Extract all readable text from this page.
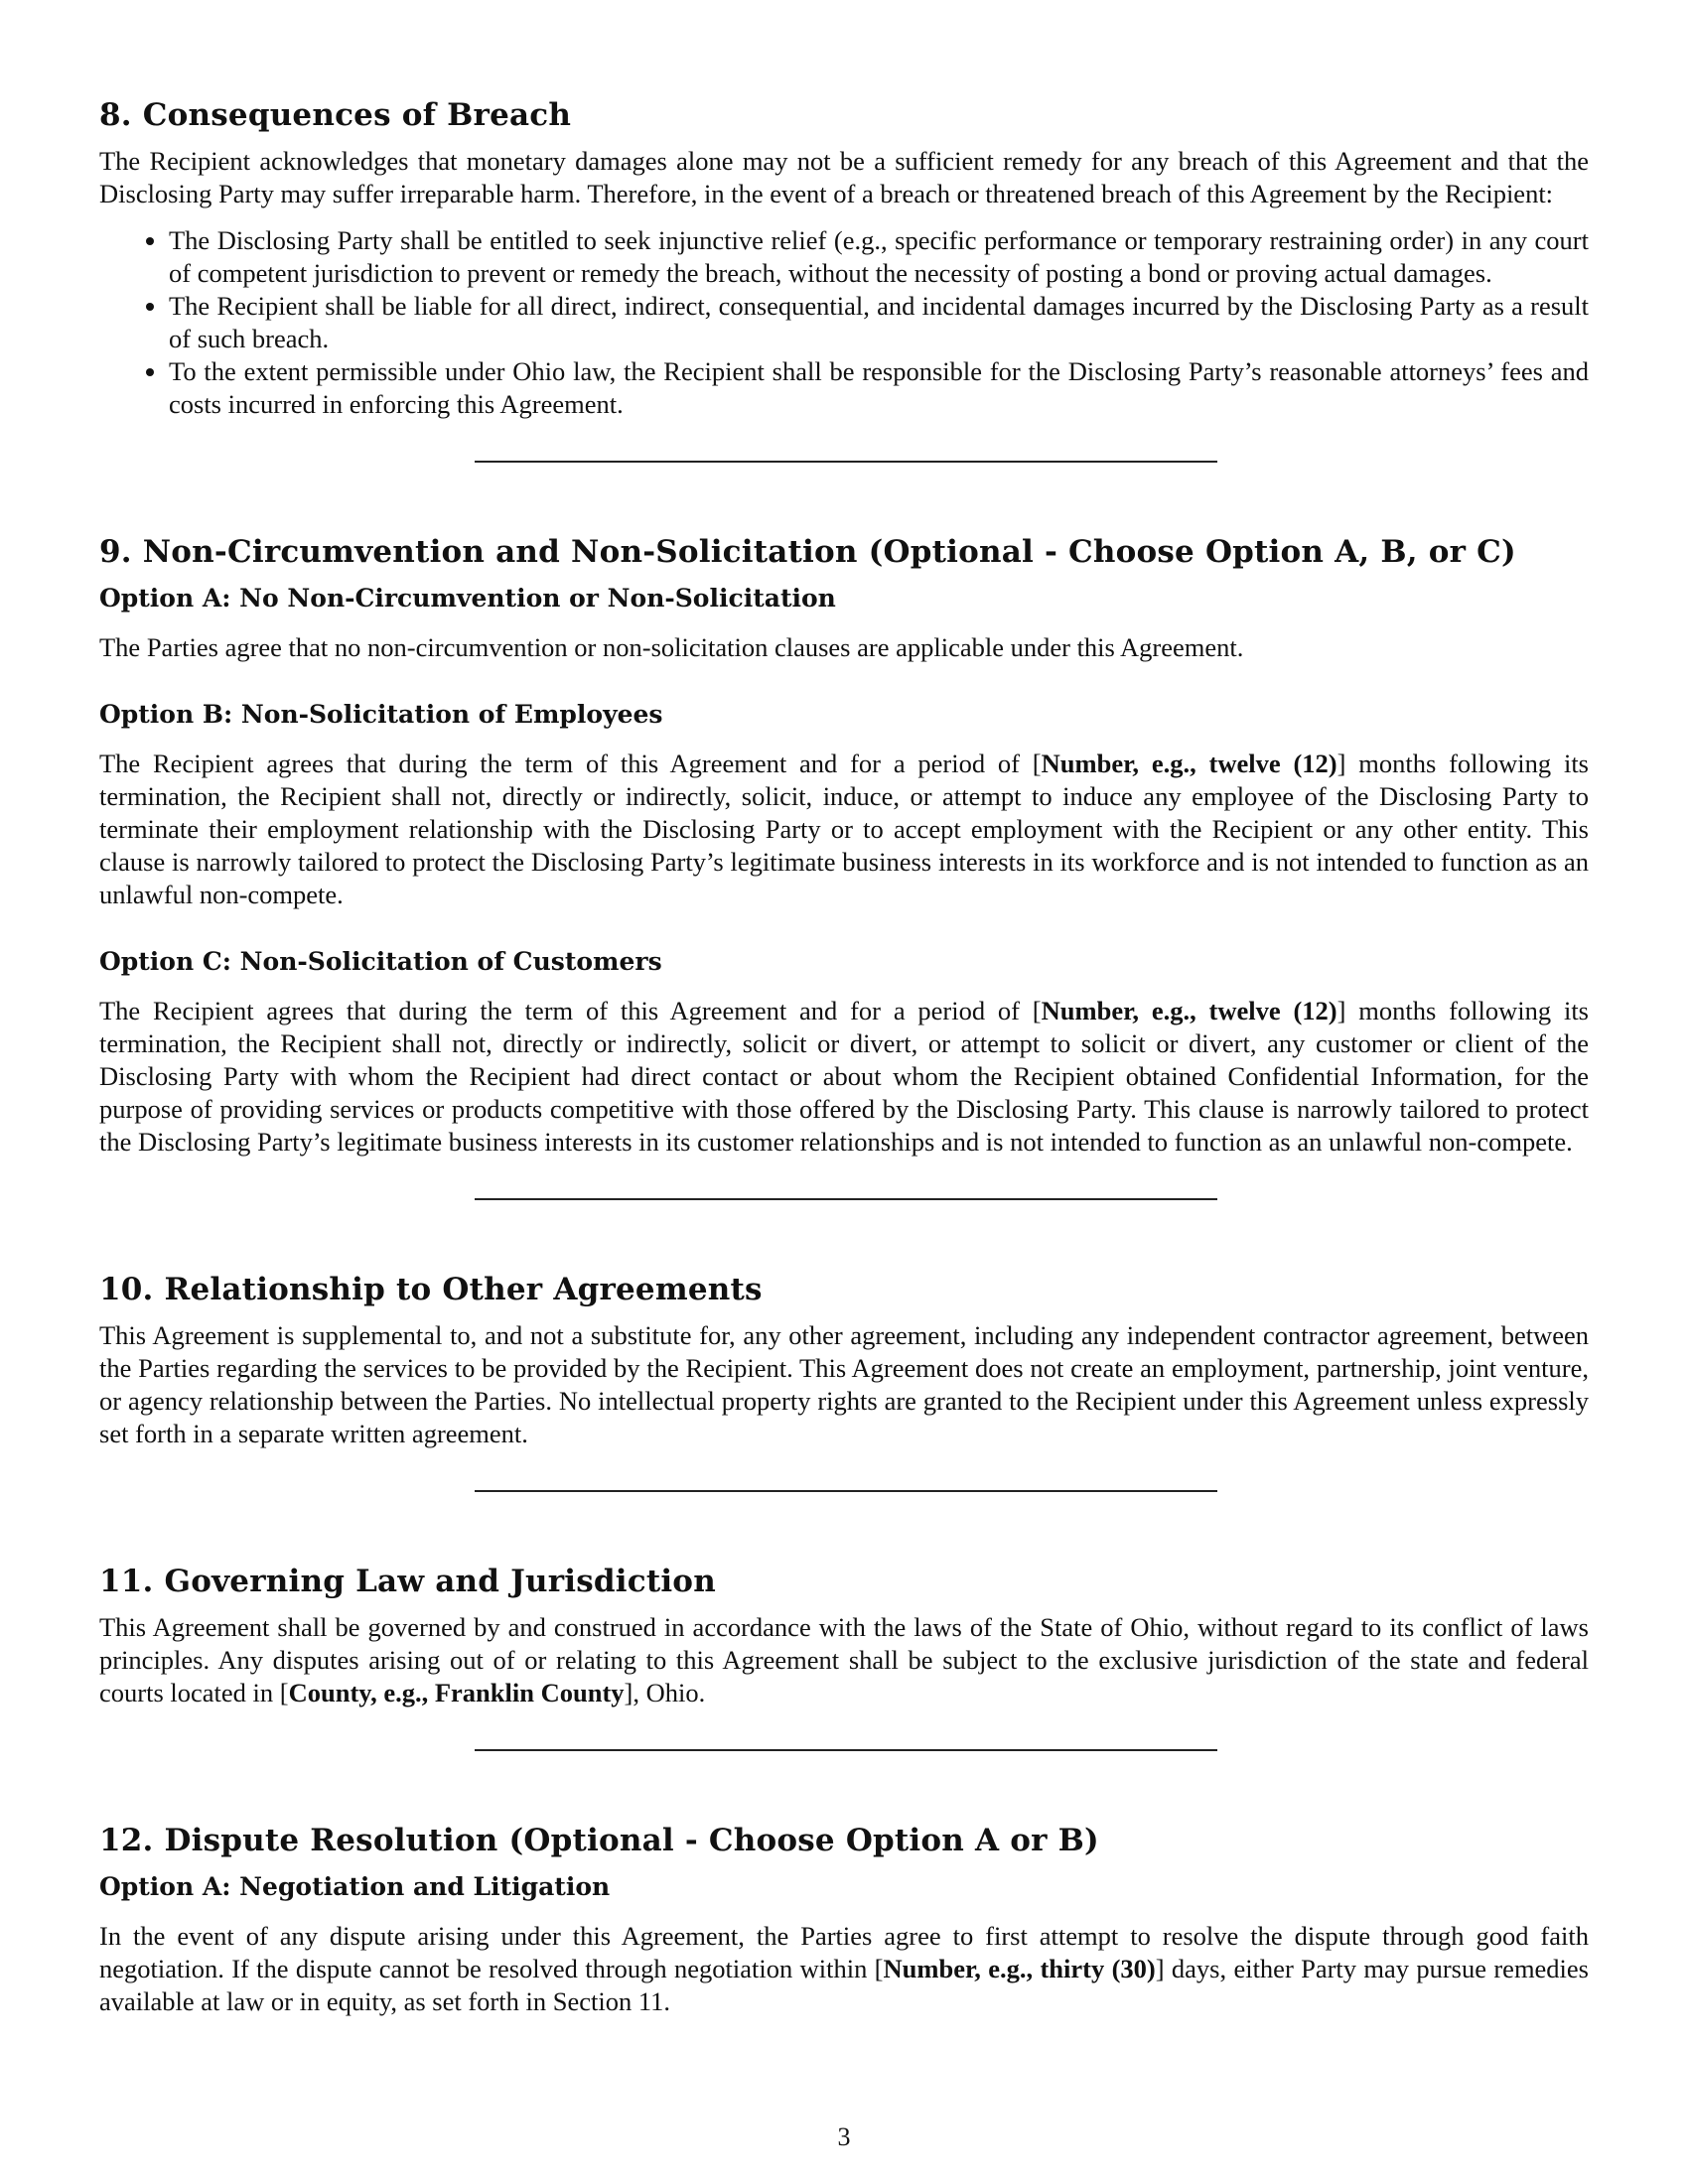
8. Consequences of Breach

The Recipient acknowledges that monetary damages alone may not be a sufficient remedy for any breach of this Agreement and that the Disclosing Party may suffer irreparable harm. Therefore, in the event of a breach or threatened breach of this Agreement by the Recipient:

• The Disclosing Party shall be entitled to seek injunctive relief (e.g., specific performance or temporary restraining order) in any court of competent jurisdiction to prevent or remedy the breach, without the necessity of posting a bond or proving actual damages.
• The Recipient shall be liable for all direct, indirect, consequential, and incidental damages incurred by the Disclosing Party as a result of such breach.
• To the extent permissible under Ohio law, the Recipient shall be responsible for the Disclosing Party’s reasonable attorneys’ fees and costs incurred in enforcing this Agreement.
9. Non-Circumvention and Non-Solicitation (Optional - Choose Option A, B, or C)
Option A: No Non-Circumvention or Non-Solicitation

The Parties agree that no non-circumvention or non-solicitation clauses are applicable under this Agreement.

Option B: Non-Solicitation of Employees

The Recipient agrees that during the term of this Agreement and for a period of [Number, e.g., twelve (12)] months following its termination, the Recipient shall not, directly or indirectly, solicit, induce, or attempt to induce any employee of the Disclosing Party to terminate their employment relationship with the Disclosing Party or to accept employment with the Recipient or any other entity. This clause is narrowly tailored to protect the Disclosing Party’s legitimate business interests in its workforce and is not intended to function as an unlawful non-compete.

Option C: Non-Solicitation of Customers

The Recipient agrees that during the term of this Agreement and for a period of [Number, e.g., twelve (12)] months following its termination, the Recipient shall not, directly or indirectly, solicit or divert, or attempt to solicit or divert, any customer or client of the Disclosing Party with whom the Recipient had direct contact or about whom the Recipient obtained Confidential Information, for the purpose of providing services or products competitive with those offered by the Disclosing Party. This clause is narrowly tailored to protect the Disclosing Party’s legitimate business interests in its customer relationships and is not intended to function as an unlawful non-compete.

10. Relationship to Other Agreements

This Agreement is supplemental to, and not a substitute for, any other agreement, including any independent contractor agreement, between the Parties regarding the services to be provided by the Recipient. This Agreement does not create an employment, partnership, joint venture, or agency relationship between the Parties. No intellectual property rights are granted to the Recipient under this Agreement unless expressly set forth in a separate written agreement.

11. Governing Law and Jurisdiction

This Agreement shall be governed by and construed in accordance with the laws of the State of Ohio, without regard to its conflict of laws principles. Any disputes arising out of or relating to this Agreement shall be subject to the exclusive jurisdiction of the state and federal courts located in [County, e.g., Franklin County], Ohio.

12. Dispute Resolution (Optional - Choose Option A or B)
Option A: Negotiation and Litigation

In the event of any dispute arising under this Agreement, the Parties agree to first attempt to resolve the dispute through good faith negotiation. If the dispute cannot be resolved through negotiation within [Number, e.g., thirty (30)] days, either Party may pursue remedies available at law or in equity, as set forth in Section 11.

3
